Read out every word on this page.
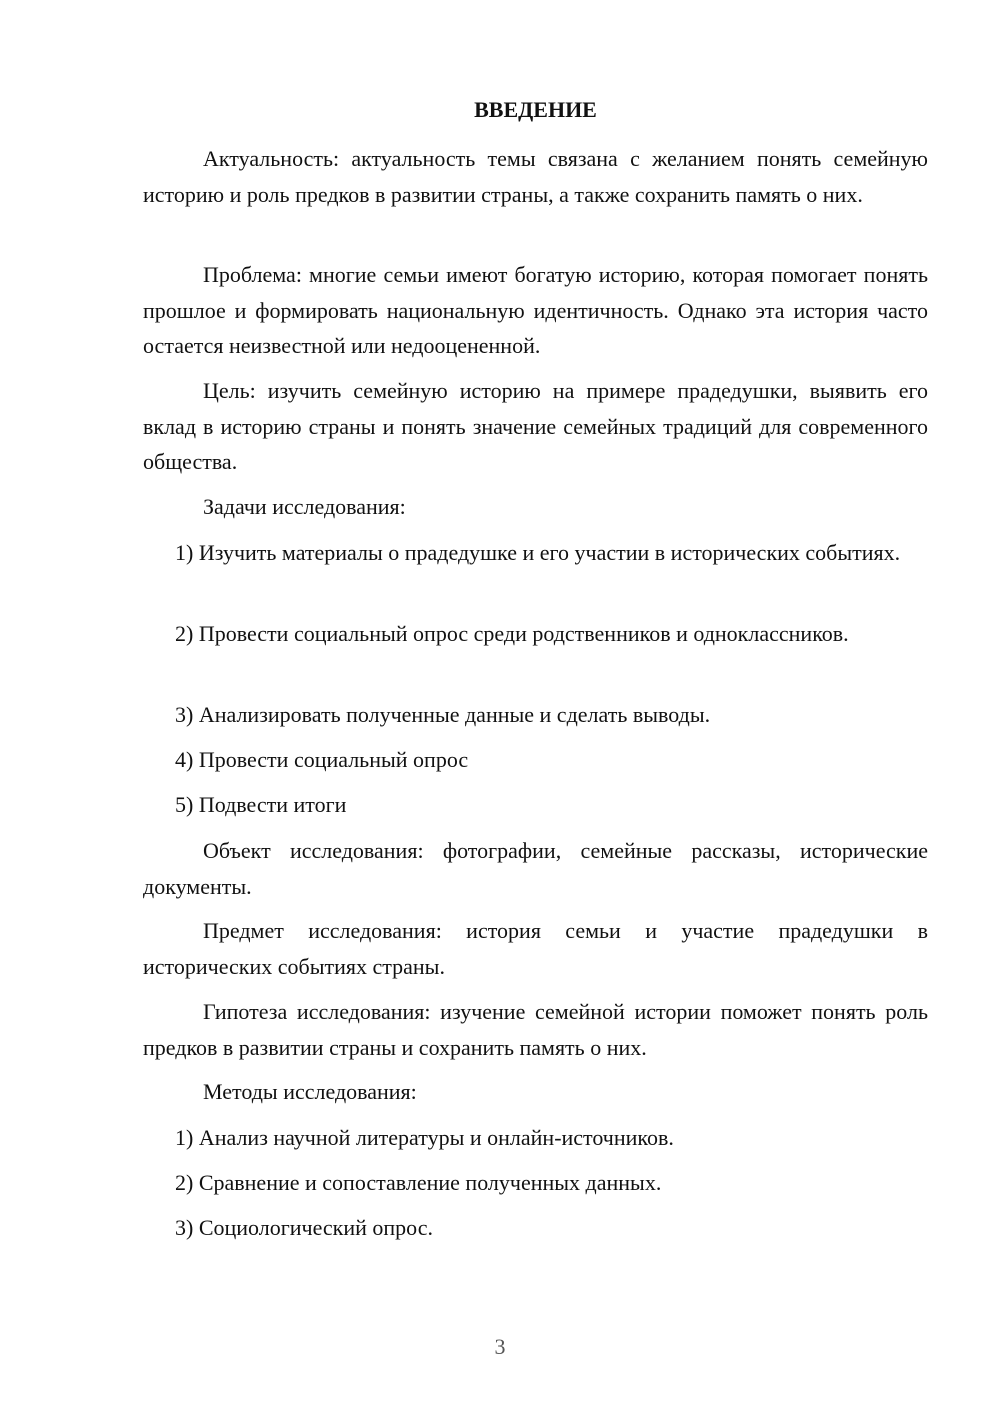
ВВЕДЕНИЕ

Актуальность: актуальность темы связана с желанием понять семейную историю и роль предков в развитии страны, а также сохранить память о них.

Проблема: многие семьи имеют богатую историю, которая помогает понять прошлое и формировать национальную идентичность. Однако эта история часто остается неизвестной или недооцененной.

Цель: изучить семейную историю на примере прадедушки, выявить его вклад в историю страны и понять значение семейных традиций для современного общества.

Задачи исследования:

1) Изучить материалы о прадедушке и его участии в исторических событиях.

2) Провести социальный опрос среди родственников и одноклассников.

3) Анализировать полученные данные и сделать выводы.

4) Провести социальный опрос

5) Подвести итоги

Объект исследования: фотографии, семейные рассказы, исторические документы.

Предмет исследования: история семьи и участие прадедушки в исторических событиях страны.

Гипотеза исследования: изучение семейной истории поможет понять роль предков в развитии страны и сохранить память о них.

Методы исследования:

1) Анализ научной литературы и онлайн-источников.

2) Сравнение и сопоставление полученных данных.

3) Социологический опрос.

3
